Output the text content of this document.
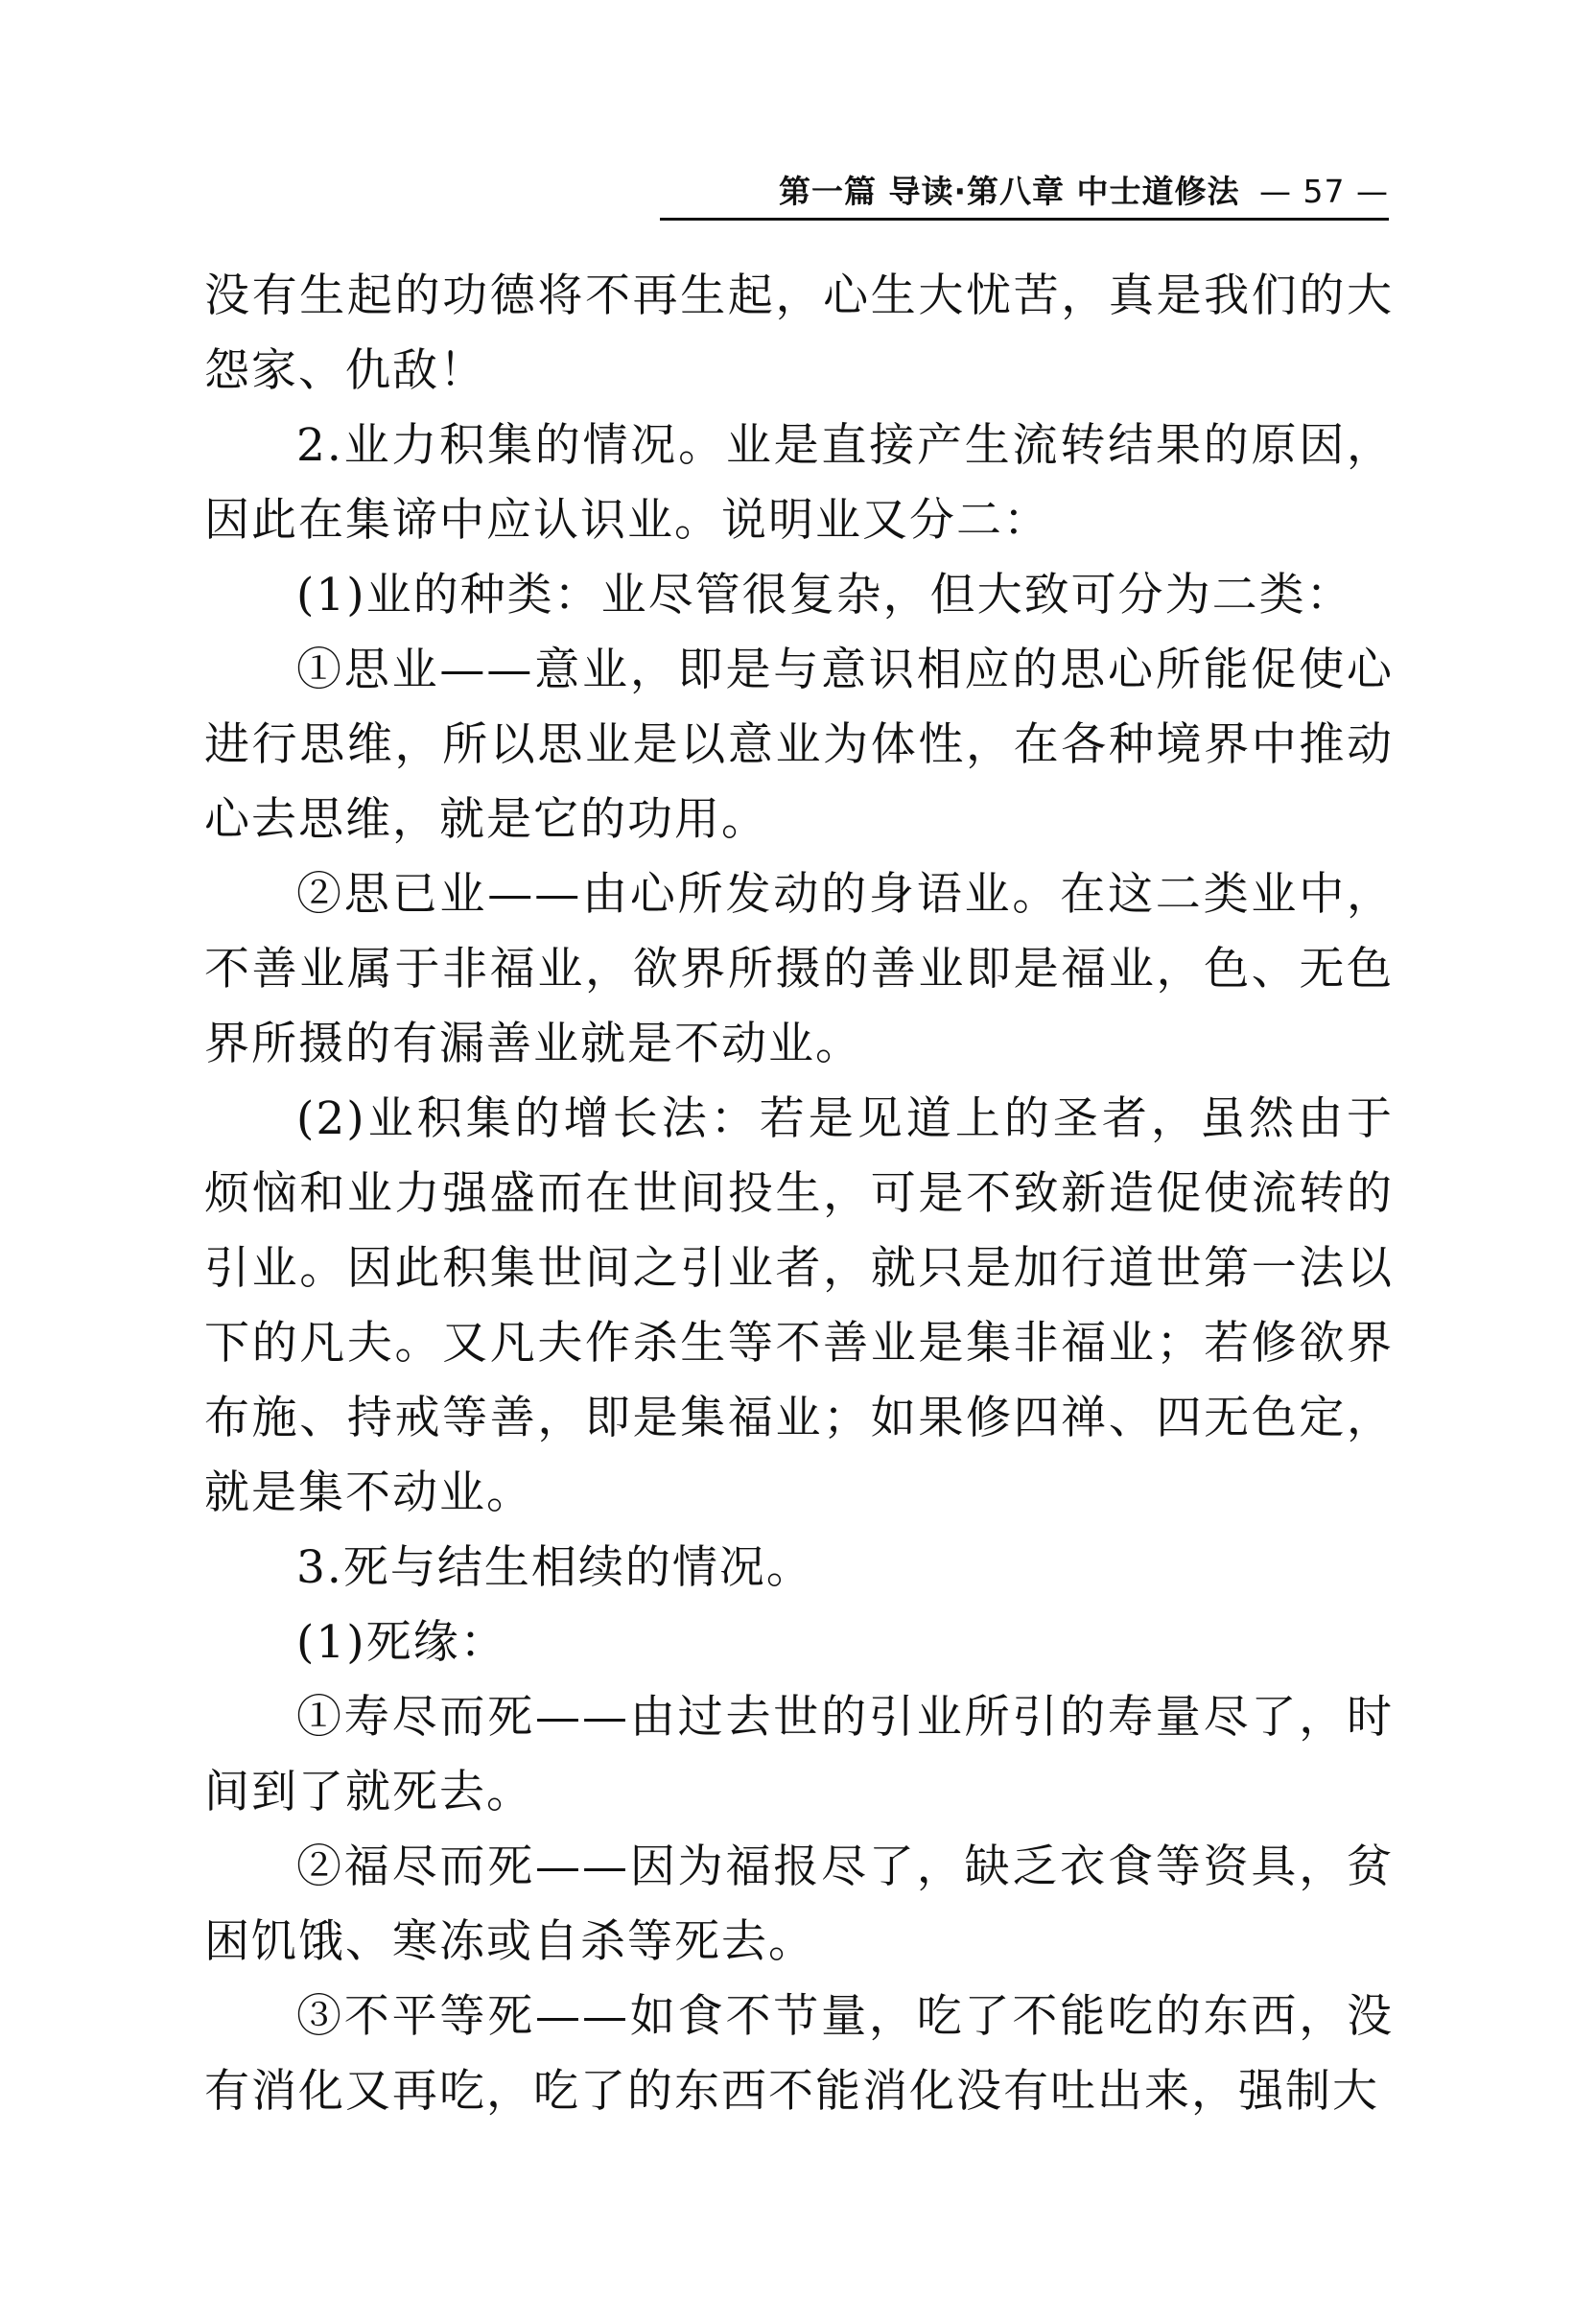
第一篇 导读·第八章 中士道修法 — 57 —

没有生起的功德将不再生起，心生大忧苦，真是我们的大怨家、仇敌！

2.业力积集的情况。业是直接产生流转结果的原因，因此在集谛中应认识业。说明业又分二：

(1)业的种类：业尽管很复杂，但大致可分为二类：

①思业——意业，即是与意识相应的思心所能促使心进行思维，所以思业是以意业为体性，在各种境界中推动心去思维，就是它的功用。

②思已业——由心所发动的身语业。在这二类业中，不善业属于非福业，欲界所摄的善业即是福业，色、无色界所摄的有漏善业就是不动业。

(2)业积集的增长法：若是见道上的圣者，虽然由于烦恼和业力强盛而在世间投生，可是不致新造促使流转的引业。因此积集世间之引业者，就只是加行道世第一法以下的凡夫。又凡夫作杀生等不善业是集非福业；若修欲界布施、持戒等善，即是集福业；如果修四禅、四无色定，就是集不动业。

3.死与结生相续的情况。

(1)死缘：

①寿尽而死——由过去世的引业所引的寿量尽了，时间到了就死去。

②福尽而死——因为福报尽了，缺乏衣食等资具，贫困饥饿、寒冻或自杀等死去。

③不平等死——如食不节量，吃了不能吃的东西，没有消化又再吃，吃了的东西不能消化没有吐出来，强制大
